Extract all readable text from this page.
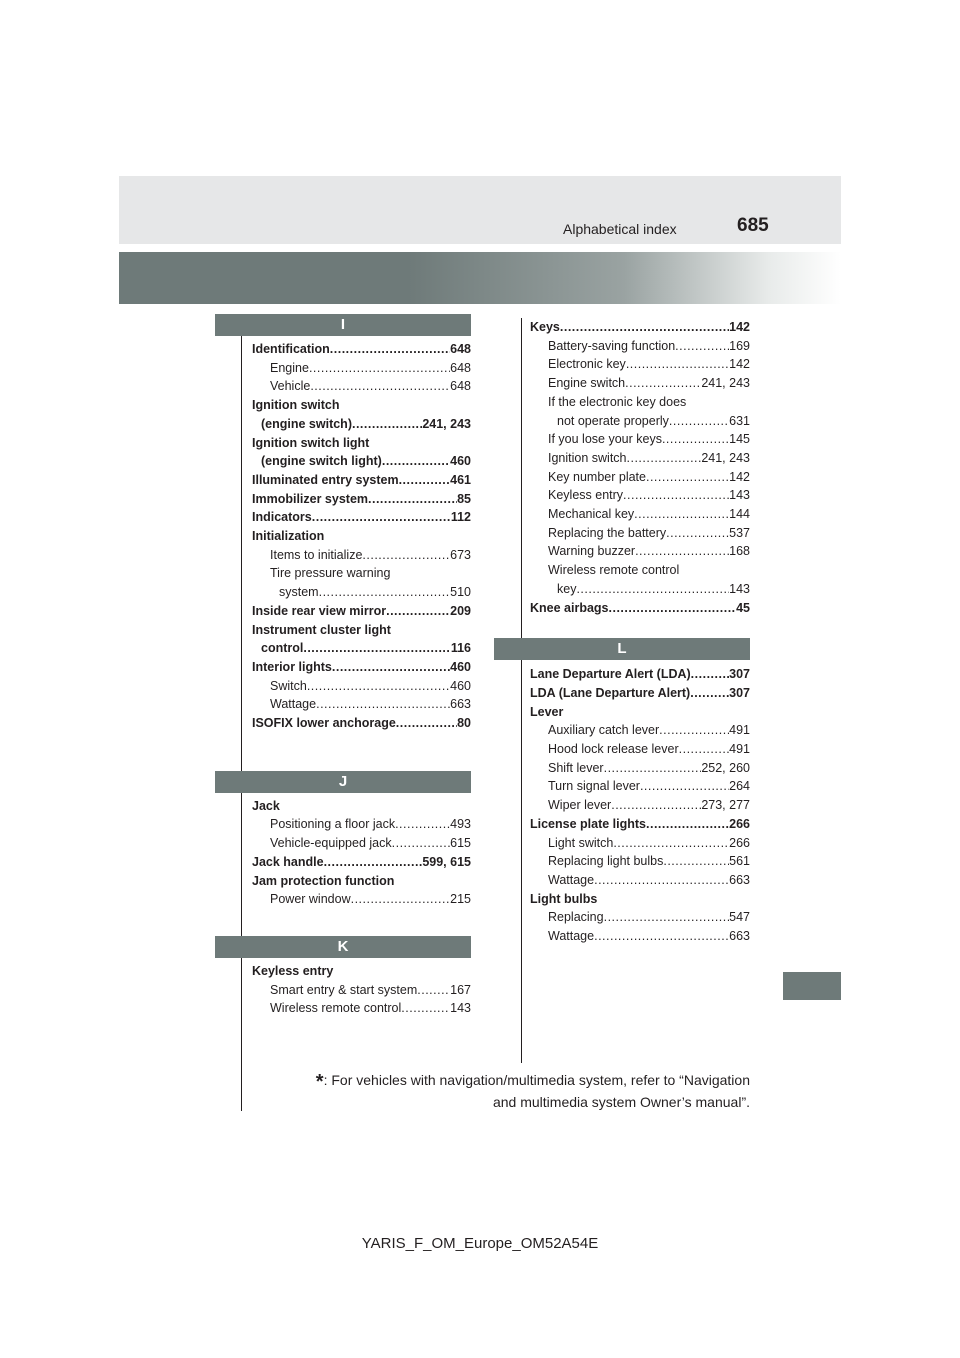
Alphabetical index	685
I
Identification .....	648
Engine .....	648
Vehicle .....	648
Ignition switch
(engine switch) .....	241, 243
Ignition switch light
(engine switch light) .....	460
Illuminated entry system .....	461
Immobilizer system .....	85
Indicators .....	112
Initialization
Items to initialize .....	673
Tire pressure warning
system .....	510
Inside rear view mirror .....	209
Instrument cluster light
control .....	116
Interior lights .....	460
Switch .....	460
Wattage .....	663
ISOFIX lower anchorage .....	80
J
Jack
Positioning a floor jack .....	493
Vehicle-equipped jack .....	615
Jack handle .....	599, 615
Jam protection function
Power window .....	215
K
Keyless entry
Smart entry & start system .....	167
Wireless remote control .....	143
Keys .....	142
Battery-saving function .....	169
Electronic key .....	142
Engine switch .....	241, 243
If the electronic key does
not operate properly .....	631
If you lose your keys .....	145
Ignition switch .....	241, 243
Key number plate .....	142
Keyless entry .....	143
Mechanical key .....	144
Replacing the battery .....	537
Warning buzzer .....	168
Wireless remote control
key .....	143
Knee airbags .....	45
L
Lane Departure Alert (LDA) .....	307
LDA (Lane Departure Alert) .....	307
Lever
Auxiliary catch lever .....	491
Hood lock release lever .....	491
Shift lever .....	252, 260
Turn signal lever .....	264
Wiper lever .....	273, 277
License plate lights .....	266
Light switch .....	266
Replacing light bulbs .....	561
Wattage .....	663
Light bulbs
Replacing .....	547
Wattage .....	663
*: For vehicles with navigation/multimedia system, refer to “Navigation
and multimedia system Owner’s manual”.
YARIS_F_OM_Europe_OM52A54E
